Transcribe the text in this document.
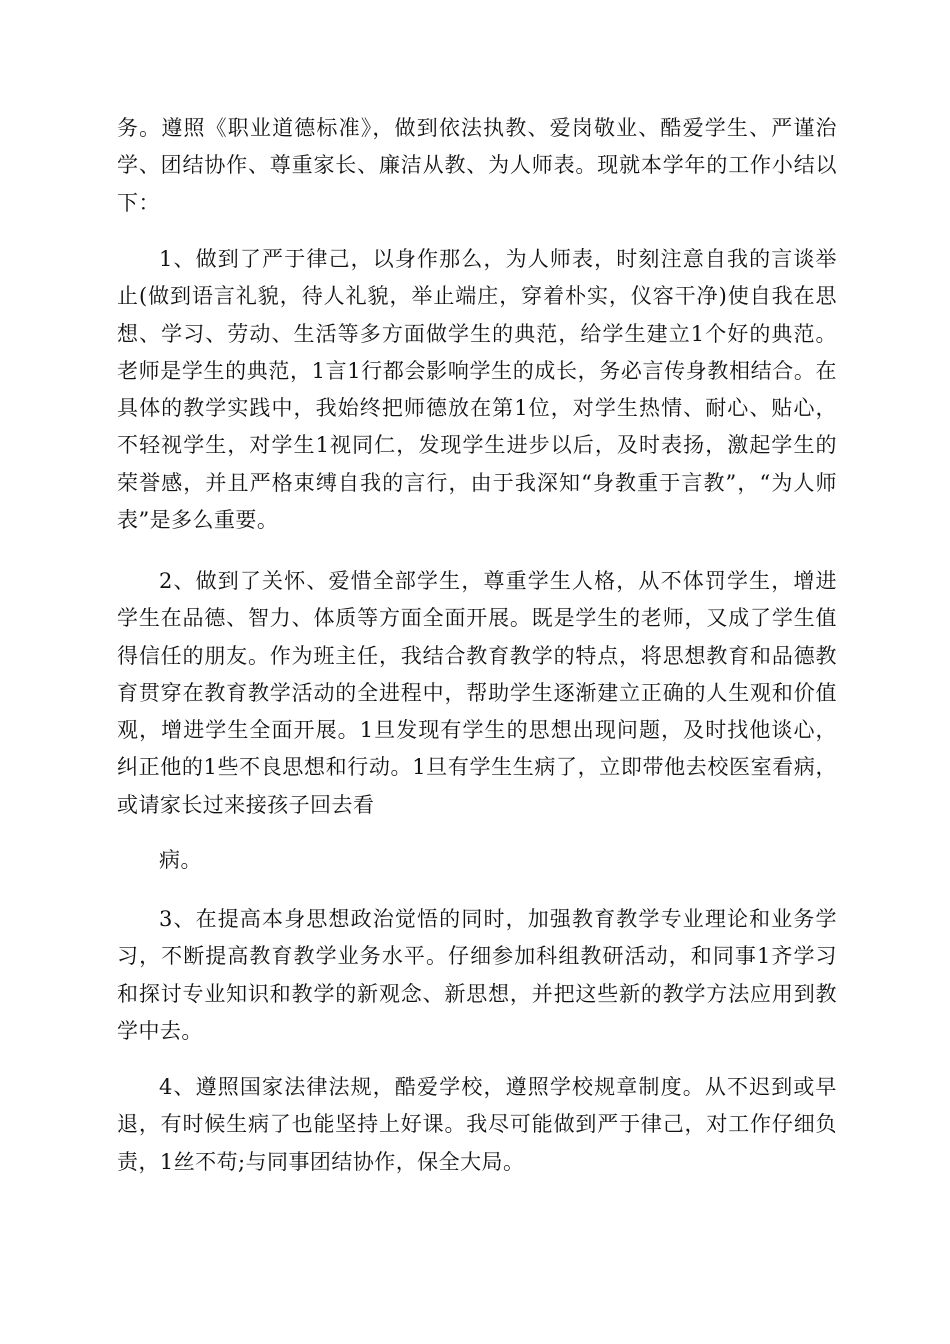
务。遵照《职业道德标准》，做到依法执教、爱岗敬业、酷爱学生、严谨治学、团结协作、尊重家长、廉洁从教、为人师表。现就本学年的工作小结以下：

1、做到了严于律己，以身作那么，为人师表，时刻注意自我的言谈举止(做到语言礼貌，待人礼貌，举止端庄，穿着朴实，仪容干净)使自我在思想、学习、劳动、生活等多方面做学生的典范，给学生建立1个好的典范。老师是学生的典范，1言1行都会影响学生的成长，务必言传身教相结合。在具体的教学实践中，我始终把师德放在第1位，对学生热情、耐心、贴心，不轻视学生，对学生1视同仁，发现学生进步以后，及时表扬，激起学生的荣誉感，并且严格束缚自我的言行，由于我深知“身教重于言教”，“为人师表”是多么重要。

2、做到了关怀、爱惜全部学生，尊重学生人格，从不体罚学生，增进学生在品德、智力、体质等方面全面开展。既是学生的老师，又成了学生值得信任的朋友。作为班主任，我结合教育教学的特点，将思想教育和品德教育贯穿在教育教学活动的全进程中，帮助学生逐渐建立正确的人生观和价值观，增进学生全面开展。1旦发现有学生的思想出现问题，及时找他谈心，纠正他的1些不良思想和行动。1旦有学生生病了，立即带他去校医室看病，或请家长过来接孩子回去看

病。

3、在提高本身思想政治觉悟的同时，加强教育教学专业理论和业务学习，不断提高教育教学业务水平。仔细参加科组教研活动，和同事1齐学习和探讨专业知识和教学的新观念、新思想，并把这些新的教学方法应用到教学中去。

4、遵照国家法律法规，酷爱学校，遵照学校规章制度。从不迟到或早退，有时候生病了也能坚持上好课。我尽可能做到严于律己，对工作仔细负责，1丝不苟;与同事团结协作，保全大局。
